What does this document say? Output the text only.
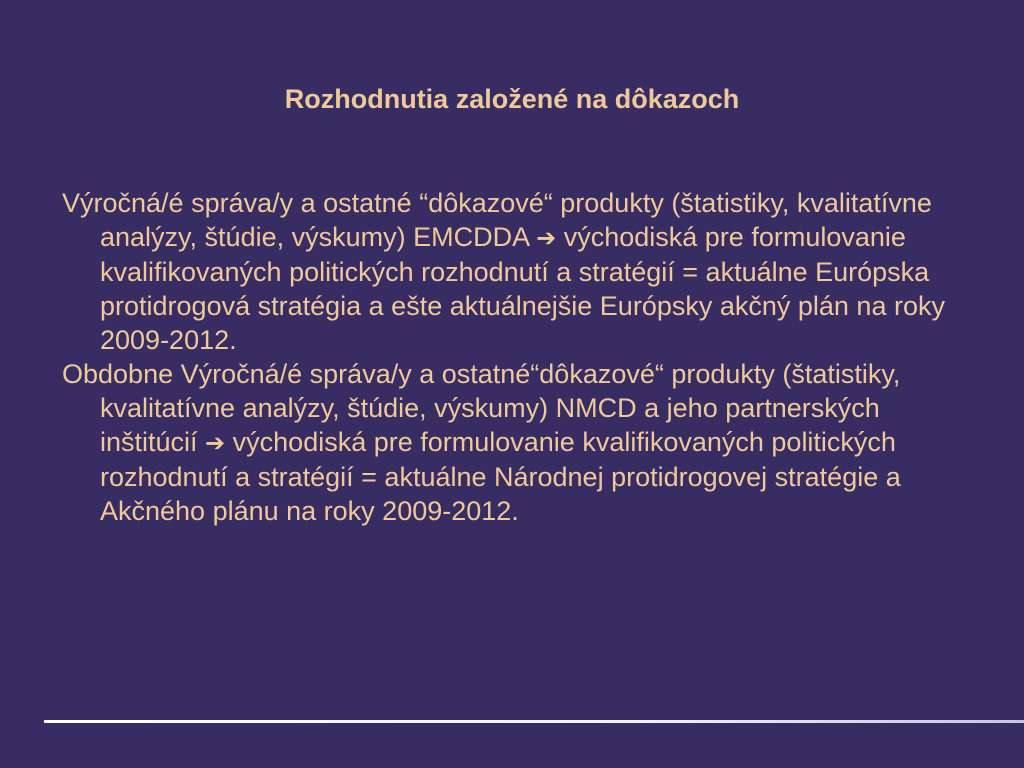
Rozhodnutia založené na dôkazoch

Výročná/é správa/y a ostatné “dôkazové“ produkty (štatistiky, kvalitatívne analýzy, štúdie, výskumy) EMCDDA ➔ východiská pre formulovanie kvalifikovaných politických rozhodnutí a stratégií = aktuálne Európska protidrogová stratégia a ešte aktuálnejšie Európsky akčný plán na roky 2009-2012.

Obdobne Výročná/é správa/y a ostatné“dôkazové“ produkty (štatistiky, kvalitatívne analýzy, štúdie, výskumy) NMCD a jeho partnerských inštitúcií ➔ východiská pre formulovanie kvalifikovaných politických rozhodnutí a stratégií = aktuálne Národnej protidrogovej stratégie a Akčného plánu na roky 2009-2012.
